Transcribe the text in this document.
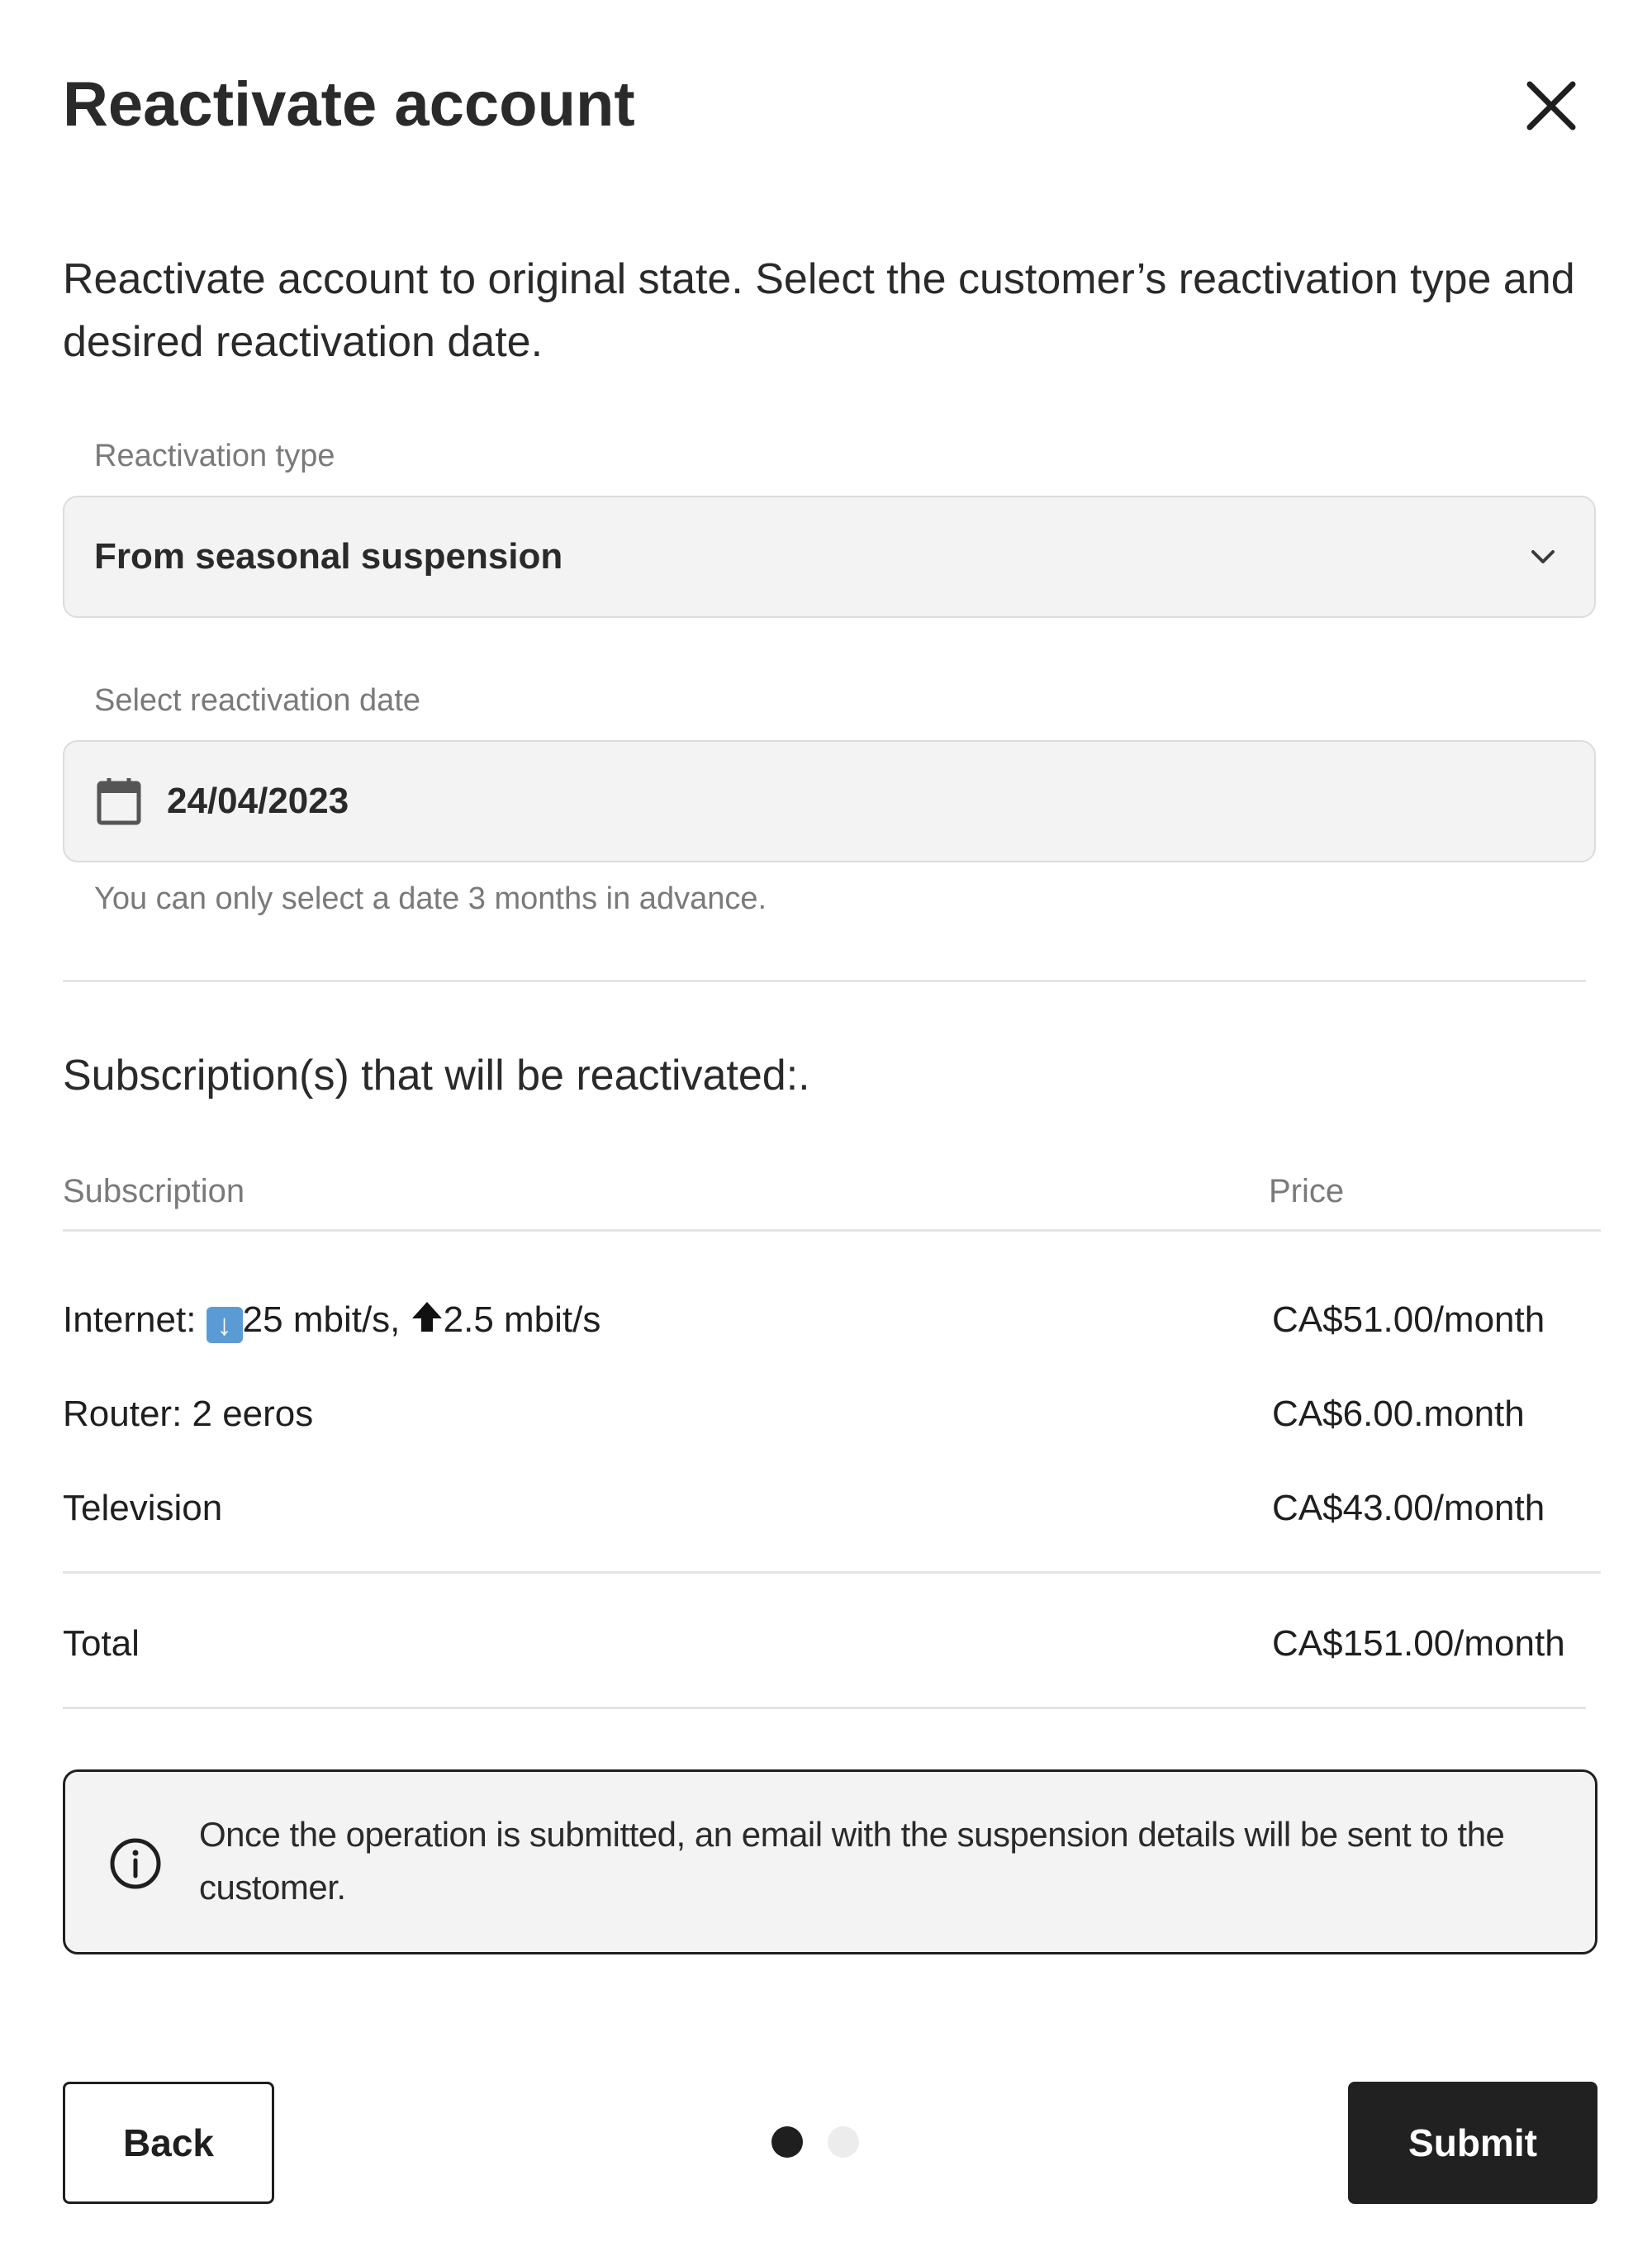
Reactivate account

Reactivate account to original state. Select the customer’s reactivation type and desired reactivation date.

Reactivation type
From seasonal suspension
Select reactivation date
24/04/2023
You can only select a date 3 months in advance.
Subscription(s) that will be reactivated:.
Subscription	Price
Internet: ↓ 25 mbit/s, 2.5 mbit/s	CA$51.00/month
Router: 2 eeros	CA$6.00.month
Television	CA$43.00/month
Total	CA$151.00/month
Once the operation is submitted, an email with the suspension details will be sent to the customer.
Back	Submit
